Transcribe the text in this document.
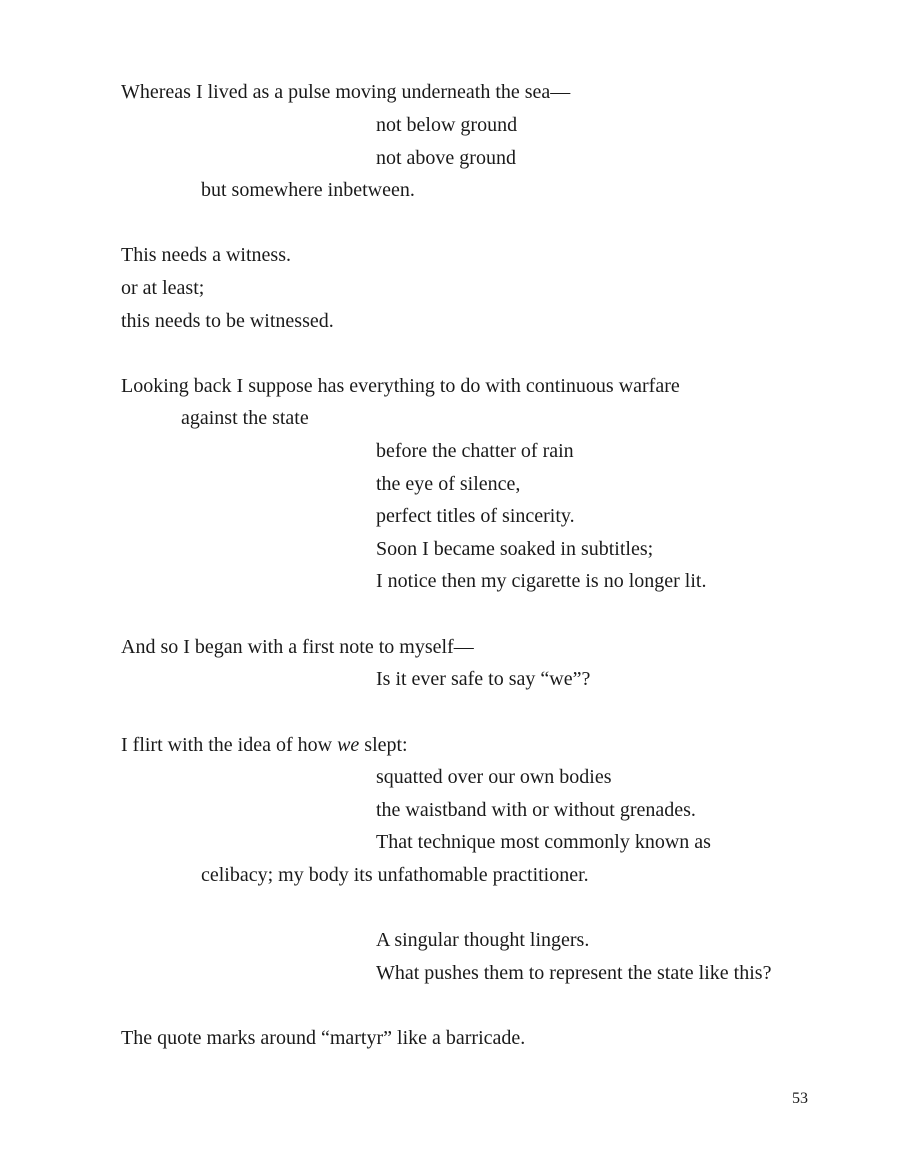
Whereas I lived as a pulse moving underneath the sea—
not below ground
not above ground
but somewhere inbetween.
This needs a witness.
or at least;
this needs to be witnessed.
Looking back I suppose has everything to do with continuous warfare
against the state
before the chatter of rain
the eye of silence,
perfect titles of sincerity.
Soon I became soaked in subtitles;
I notice then my cigarette is no longer lit.
And so I began with a first note to myself—
Is it ever safe to say “we”?
I flirt with the idea of how we slept:
squatted over our own bodies
the waistband with or without grenades.
That technique most commonly known as
celibacy; my body its unfathomable practitioner.
A singular thought lingers.
What pushes them to represent the state like this?
The quote marks around “martyr” like a barricade.
53
